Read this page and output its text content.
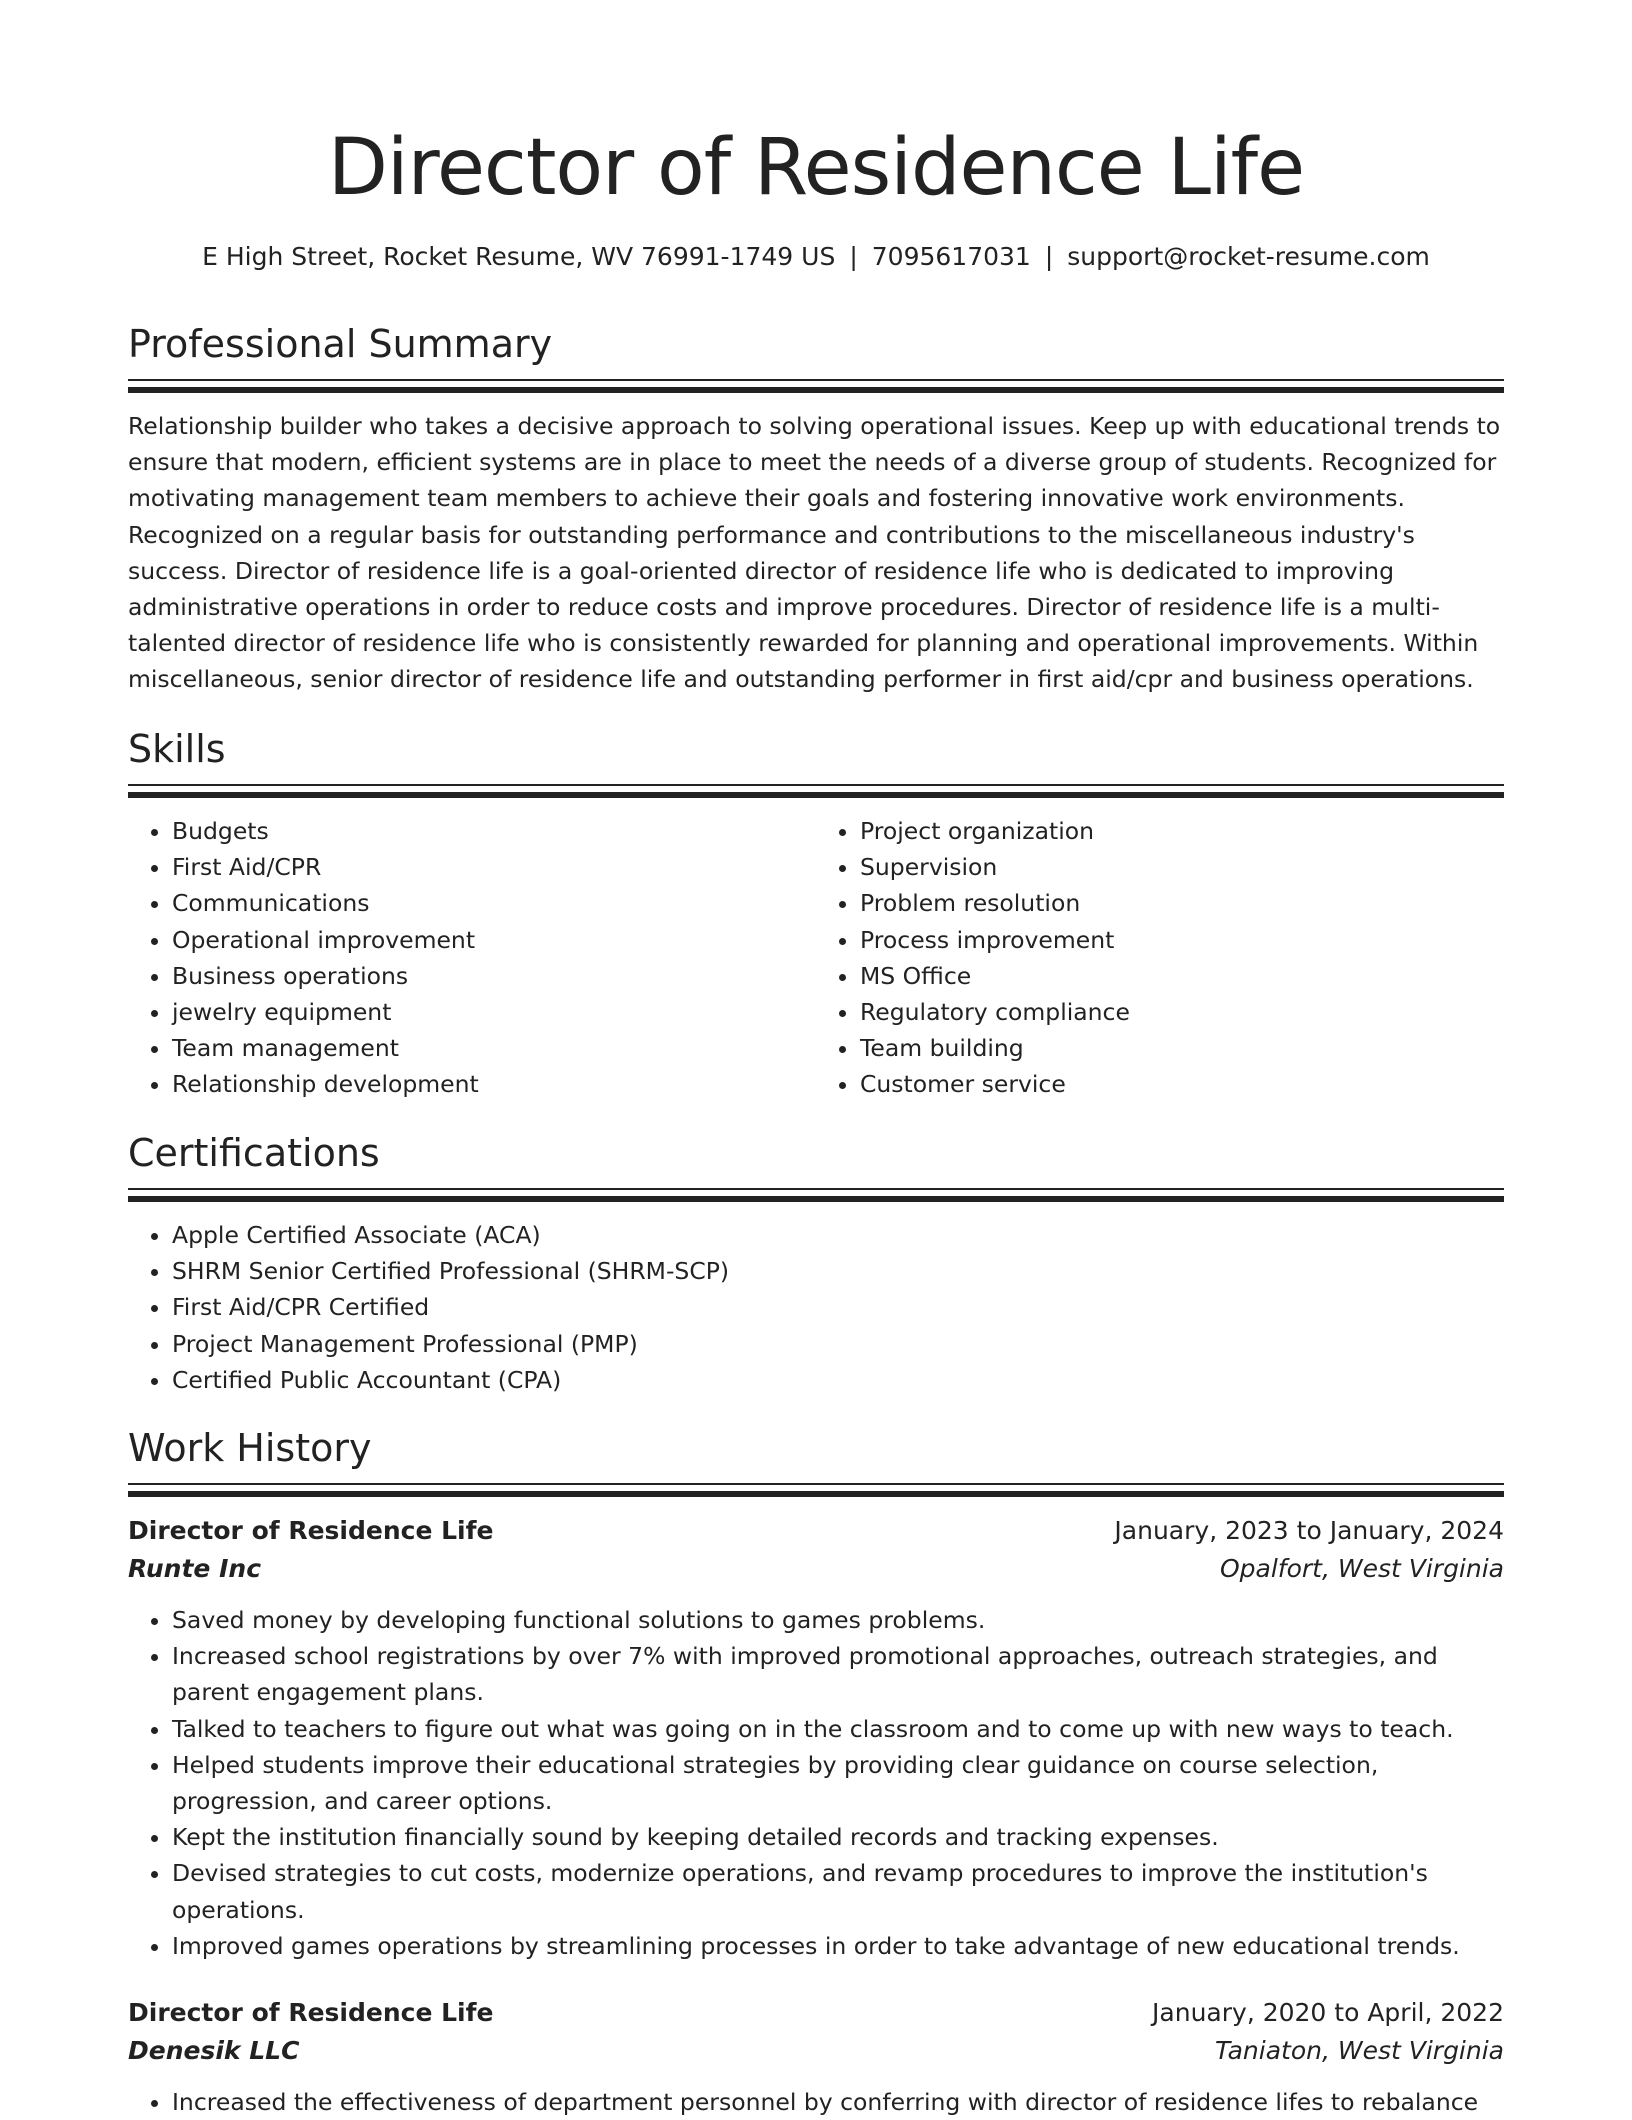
Director of Residence Life
E High Street, Rocket Resume, WV 76991-1749 US | 7095617031 | support@rocket-resume.com
Professional Summary

Relationship builder who takes a decisive approach to solving operational issues. Keep up with educational trends to ensure that modern, efficient systems are in place to meet the needs of a diverse group of students. Recognized for motivating management team members to achieve their goals and fostering innovative work environments. Recognized on a regular basis for outstanding performance and contributions to the miscellaneous industry's success. Director of residence life is a goal-oriented director of residence life who is dedicated to improving administrative operations in order to reduce costs and improve procedures. Director of residence life is a multi-talented director of residence life who is consistently rewarded for planning and operational improvements. Within miscellaneous, senior director of residence life and outstanding performer in first aid/cpr and business operations.

Skills
• Budgets
• First Aid/CPR
• Communications
• Operational improvement
• Business operations
• jewelry equipment
• Team management
• Relationship development
• Project organization
• Supervision
• Problem resolution
• Process improvement
• MS Office
• Regulatory compliance
• Team building
• Customer service
Certifications
• Apple Certified Associate (ACA)
• SHRM Senior Certified Professional (SHRM-SCP)
• First Aid/CPR Certified
• Project Management Professional (PMP)
• Certified Public Accountant (CPA)
Work History
Director of Residence Life	January, 2023 to January, 2024
Runte Inc	Opalfort, West Virginia
• Saved money by developing functional solutions to games problems.
• Increased school registrations by over 7% with improved promotional approaches, outreach strategies, and parent engagement plans.
• Talked to teachers to figure out what was going on in the classroom and to come up with new ways to teach.
• Helped students improve their educational strategies by providing clear guidance on course selection, progression, and career options.
• Kept the institution financially sound by keeping detailed records and tracking expenses.
• Devised strategies to cut costs, modernize operations, and revamp procedures to improve the institution's operations.
• Improved games operations by streamlining processes in order to take advantage of new educational trends.
Director of Residence Life	January, 2020 to April, 2022
Denesik LLC	Taniaton, West Virginia
• Increased the effectiveness of department personnel by conferring with director of residence lifes to rebalance
